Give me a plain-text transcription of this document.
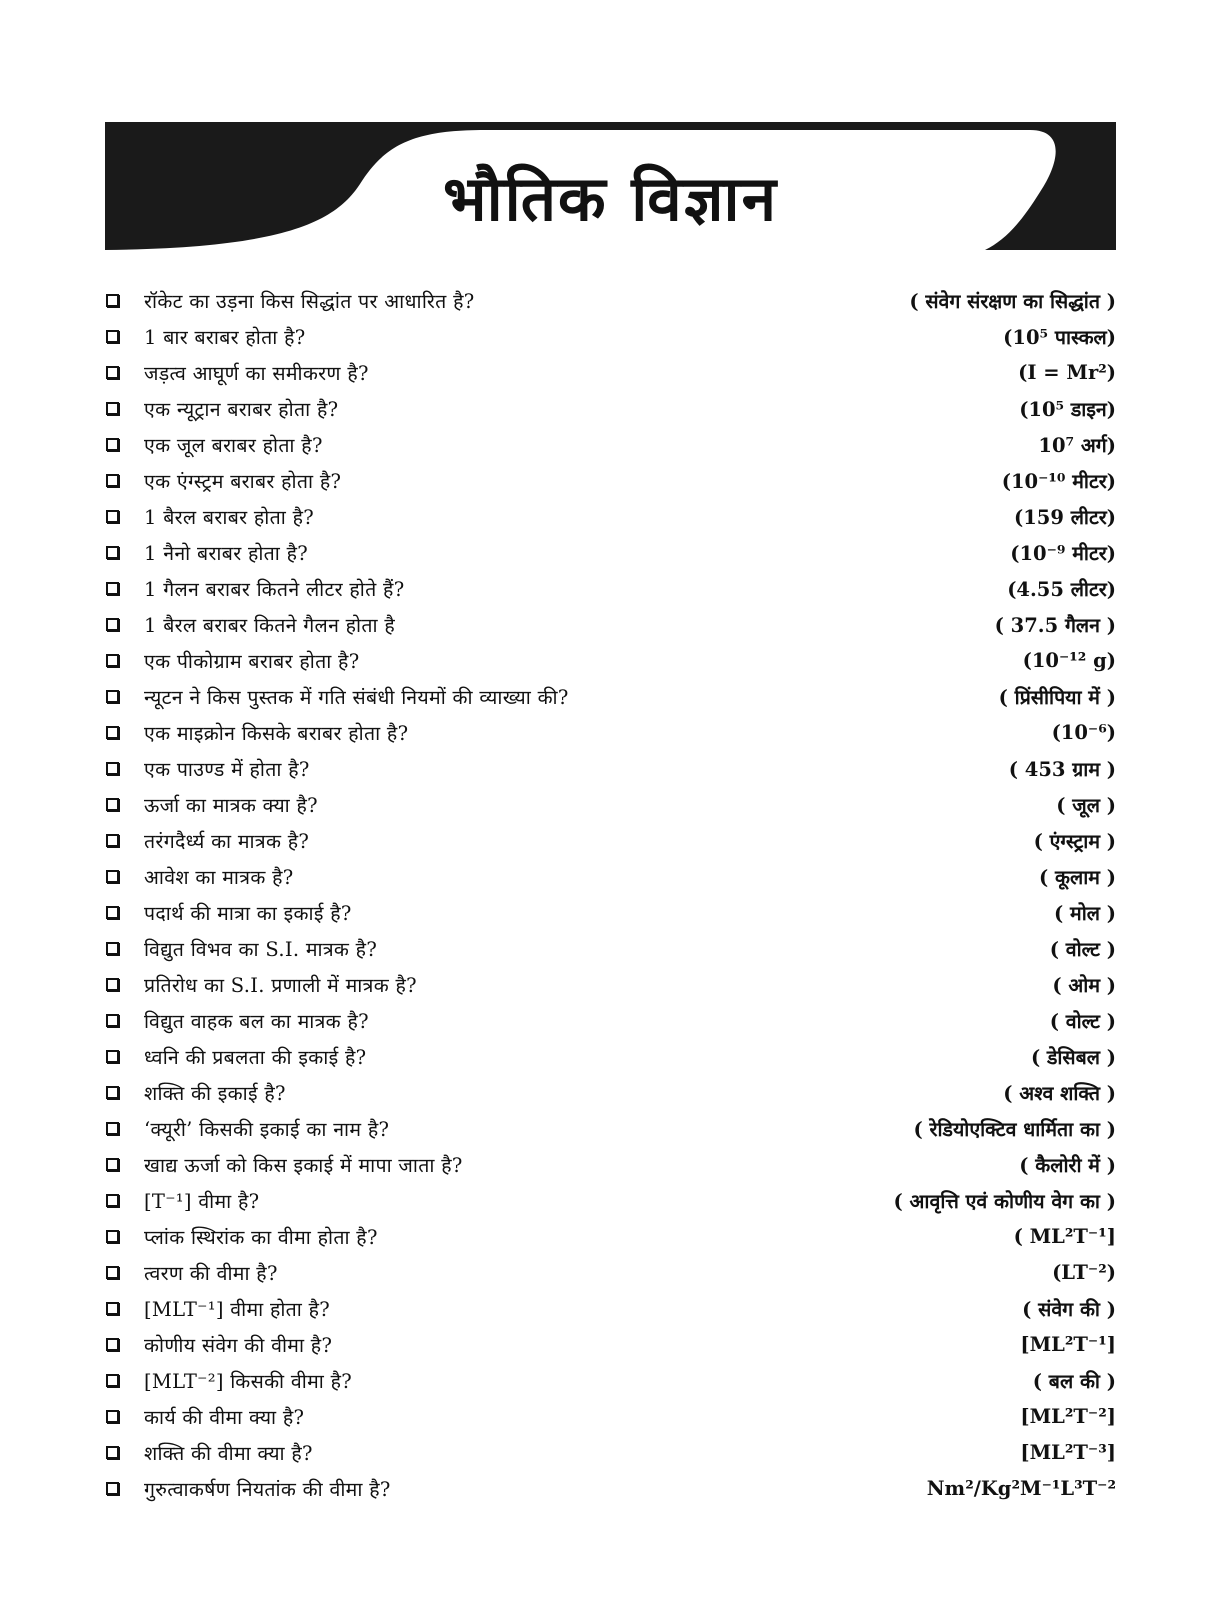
भौतिक विज्ञान
रॉकेट का उड़ना किस सिद्धांत पर आधारित है?	( संवेग संरक्षण का सिद्धांत )
1 बार बराबर होता है?	(10⁵ पास्कल)
जड़त्व आघूर्ण का समीकरण है?	(I = Mr²)
एक न्यूट्रान बराबर होता है?	(10⁵ डाइन)
एक जूल बराबर होता है?	10⁷ अर्ग)
एक एंग्स्ट्रम बराबर होता है?	(10⁻¹⁰ मीटर)
1 बैरल बराबर होता है?	(159 लीटर)
1 नैनो बराबर होता है?	(10⁻⁹ मीटर)
1 गैलन बराबर कितने लीटर होते हैं?	(4.55 लीटर)
1 बैरल बराबर कितने गैलन होता है	( 37.5 गैलन )
एक पीकोग्राम बराबर होता है?	(10⁻¹² g)
न्यूटन ने किस पुस्तक में गति संबंधी नियमों की व्याख्या की?	( प्रिंसीपिया में )
एक माइक्रोन किसके बराबर होता है?	(10⁻⁶)
एक पाउण्ड में होता है?	( 453 ग्राम )
ऊर्जा का मात्रक क्या है?	( जूल )
तरंगदैर्ध्य का मात्रक है?	( एंग्स्ट्राम )
आवेश का मात्रक है?	( कूलाम )
पदार्थ की मात्रा का इकाई है?	( मोल )
विद्युत विभव का S.I. मात्रक है?	( वोल्ट )
प्रतिरोध का S.I. प्रणाली में मात्रक है?	( ओम )
विद्युत वाहक बल का मात्रक है?	( वोल्ट )
ध्वनि की प्रबलता की इकाई है?	( डेसिबल )
शक्ति की इकाई है?	( अश्व शक्ति )
‘क्यूरी’ किसकी इकाई का नाम है?	( रेडियोएक्टिव धार्मिता का )
खाद्य ऊर्जा को किस इकाई में मापा जाता है?	( कैलोरी में )
[T⁻¹] वीमा है?	( आवृत्ति एवं कोणीय वेग का )
प्लांक स्थिरांक का वीमा होता है?	( ML²T⁻¹]
त्वरण की वीमा है?	(LT⁻²)
[MLT⁻¹] वीमा होता है?	( संवेग की )
कोणीय संवेग की वीमा है?	[ML²T⁻¹]
[MLT⁻²] किसकी वीमा है?	( बल की )
कार्य की वीमा क्या है?	[ML²T⁻²]
शक्ति की वीमा क्या है?	[ML²T⁻³]
गुरुत्वाकर्षण नियतांक की वीमा है?	Nm²/Kg²M⁻¹L³T⁻²
